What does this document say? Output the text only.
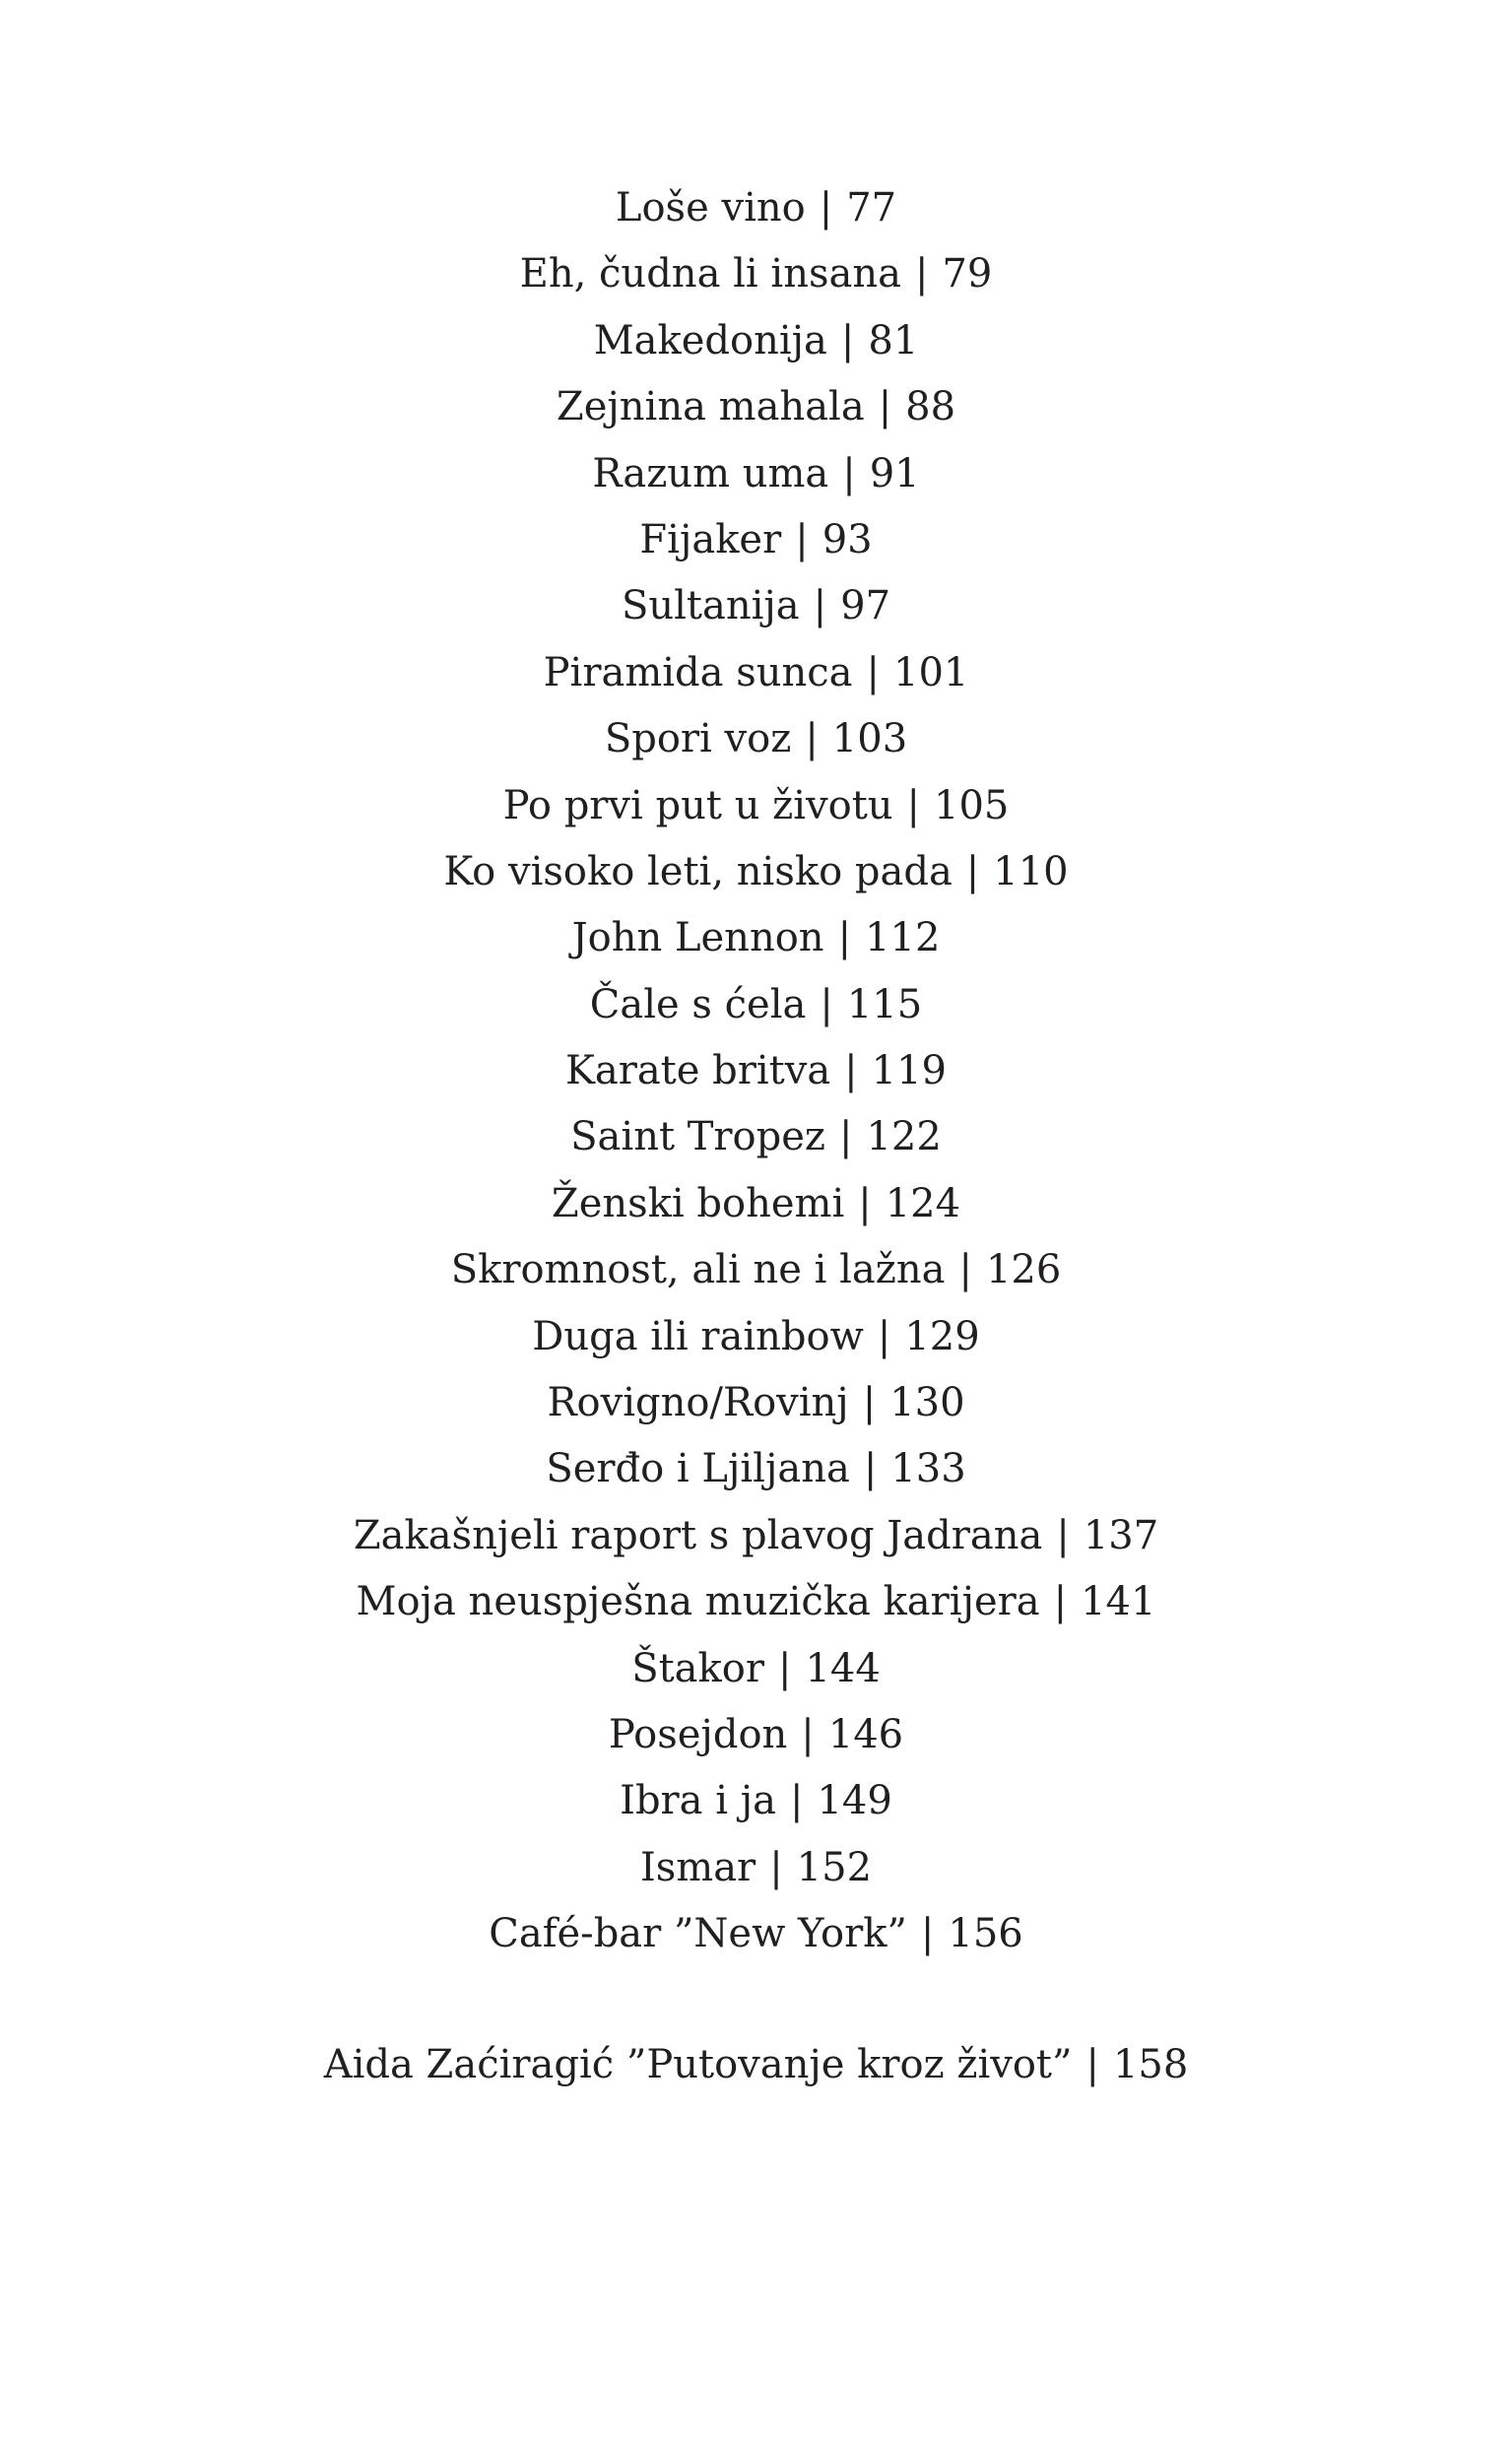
Loše vino | 77
Eh, čudna li insana | 79
Makedonija | 81
Zejnina mahala | 88
Razum uma | 91
Fijaker | 93
Sultanija | 97
Piramida sunca | 101
Spori voz | 103
Po prvi put u životu | 105
Ko visoko leti, nisko pada | 110
John Lennon | 112
Čale s ćela | 115
Karate britva | 119
Saint Tropez | 122
Ženski bohemi | 124
Skromnost, ali ne i lažna | 126
Duga ili rainbow | 129
Rovigno/Rovinj | 130
Serđo i Ljiljana | 133
Zakašnjeli raport s plavog Jadrana | 137
Moja neuspješna muzička karijera | 141
Štakor | 144
Posejdon | 146
Ibra i ja | 149
Ismar | 152
Café-bar ”New York” | 156
Aida Zaćiragić ”Putovanje kroz život” | 158
